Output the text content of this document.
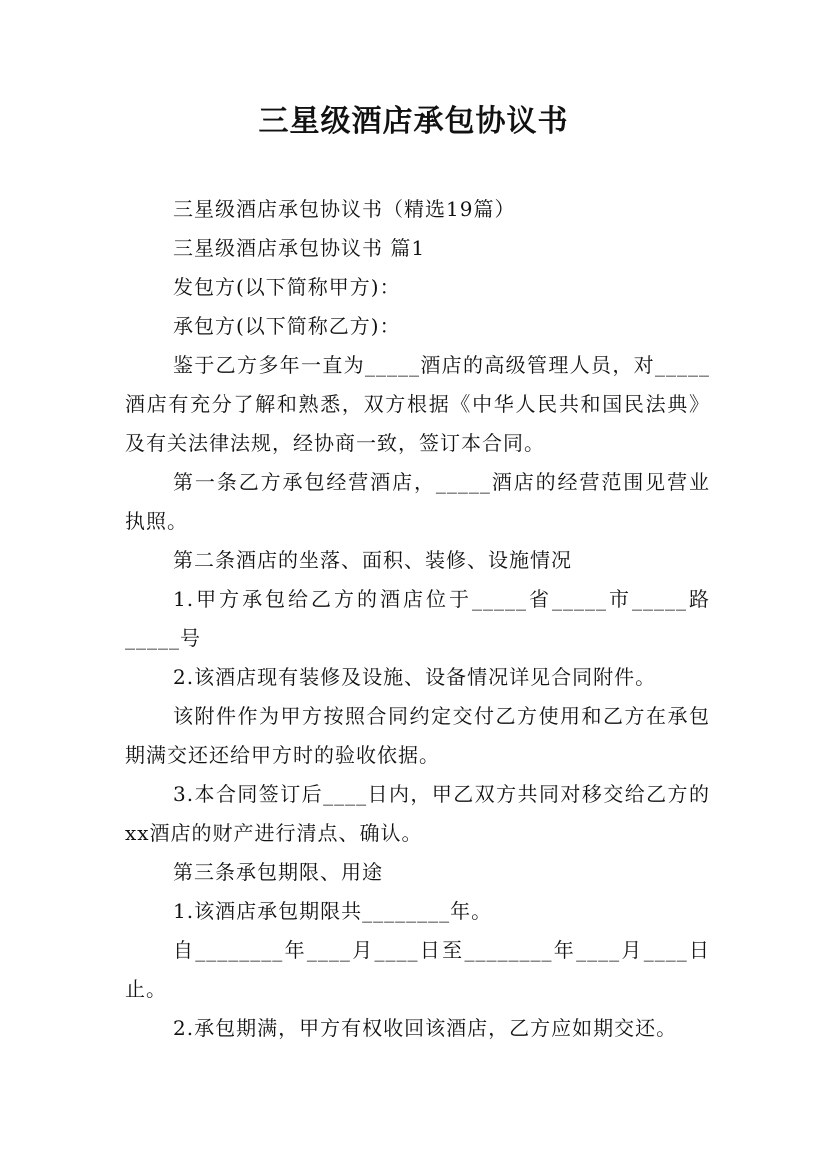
三星级酒店承包协议书

三星级酒店承包协议书（精选19篇）

三星级酒店承包协议书 篇1

发包方(以下简称甲方)：

承包方(以下简称乙方)：

鉴于乙方多年一直为_____酒店的高级管理人员，对_____酒店有充分了解和熟悉，双方根据《中华人民共和国民法典》及有关法律法规，经协商一致，签订本合同。

第一条乙方承包经营酒店，_____酒店的经营范围见营业执照。

第二条酒店的坐落、面积、装修、设施情况

1.甲方承包给乙方的酒店位于_____省_____市_____路_____号

2.该酒店现有装修及设施、设备情况详见合同附件。

该附件作为甲方按照合同约定交付乙方使用和乙方在承包期满交还还给甲方时的验收依据。

3.本合同签订后____日内，甲乙双方共同对移交给乙方的xx酒店的财产进行清点、确认。

第三条承包期限、用途

1.该酒店承包期限共________年。

自________年____月____日至________年____月____日止。

2.承包期满，甲方有权收回该酒店，乙方应如期交还。
